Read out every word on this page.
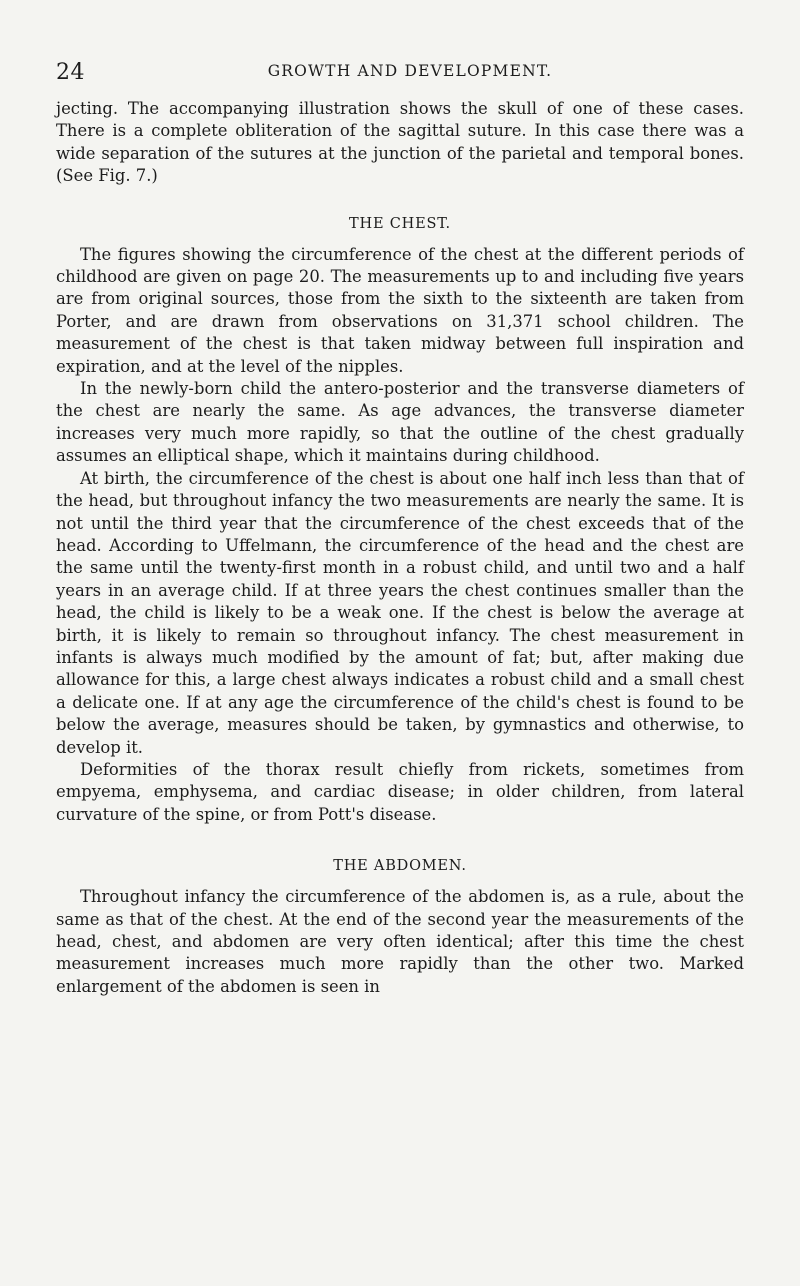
24	GROWTH AND DEVELOPMENT.

jecting. The accompanying illustration shows the skull of one of these cases. There is a complete obliteration of the sagittal suture. In this case there was a wide separation of the sutures at the junction of the parietal and temporal bones. (See Fig. 7.)

THE CHEST.

The figures showing the circumference of the chest at the different periods of childhood are given on page 20. The measurements up to and including five years are from original sources, those from the sixth to the sixteenth are taken from Porter, and are drawn from observations on 31,371 school children. The measurement of the chest is that taken midway between full inspiration and expiration, and at the level of the nipples.

In the newly-born child the antero-posterior and the transverse diameters of the chest are nearly the same. As age advances, the transverse diameter increases very much more rapidly, so that the outline of the chest gradually assumes an elliptical shape, which it maintains during childhood.

At birth, the circumference of the chest is about one half inch less than that of the head, but throughout infancy the two measurements are nearly the same. It is not until the third year that the circumference of the chest exceeds that of the head. According to Uffelmann, the circumference of the head and the chest are the same until the twenty-first month in a robust child, and until two and a half years in an average child. If at three years the chest continues smaller than the head, the child is likely to be a weak one. If the chest is below the average at birth, it is likely to remain so throughout infancy. The chest measurement in infants is always much modified by the amount of fat; but, after making due allowance for this, a large chest always indicates a robust child and a small chest a delicate one. If at any age the circumference of the child's chest is found to be below the average, measures should be taken, by gymnastics and otherwise, to develop it.

Deformities of the thorax result chiefly from rickets, sometimes from empyema, emphysema, and cardiac disease; in older children, from lateral curvature of the spine, or from Pott's disease.

THE ABDOMEN.

Throughout infancy the circumference of the abdomen is, as a rule, about the same as that of the chest. At the end of the second year the measurements of the head, chest, and abdomen are very often identical; after this time the chest measurement increases much more rapidly than the other two. Marked enlargement of the abdomen is seen in
